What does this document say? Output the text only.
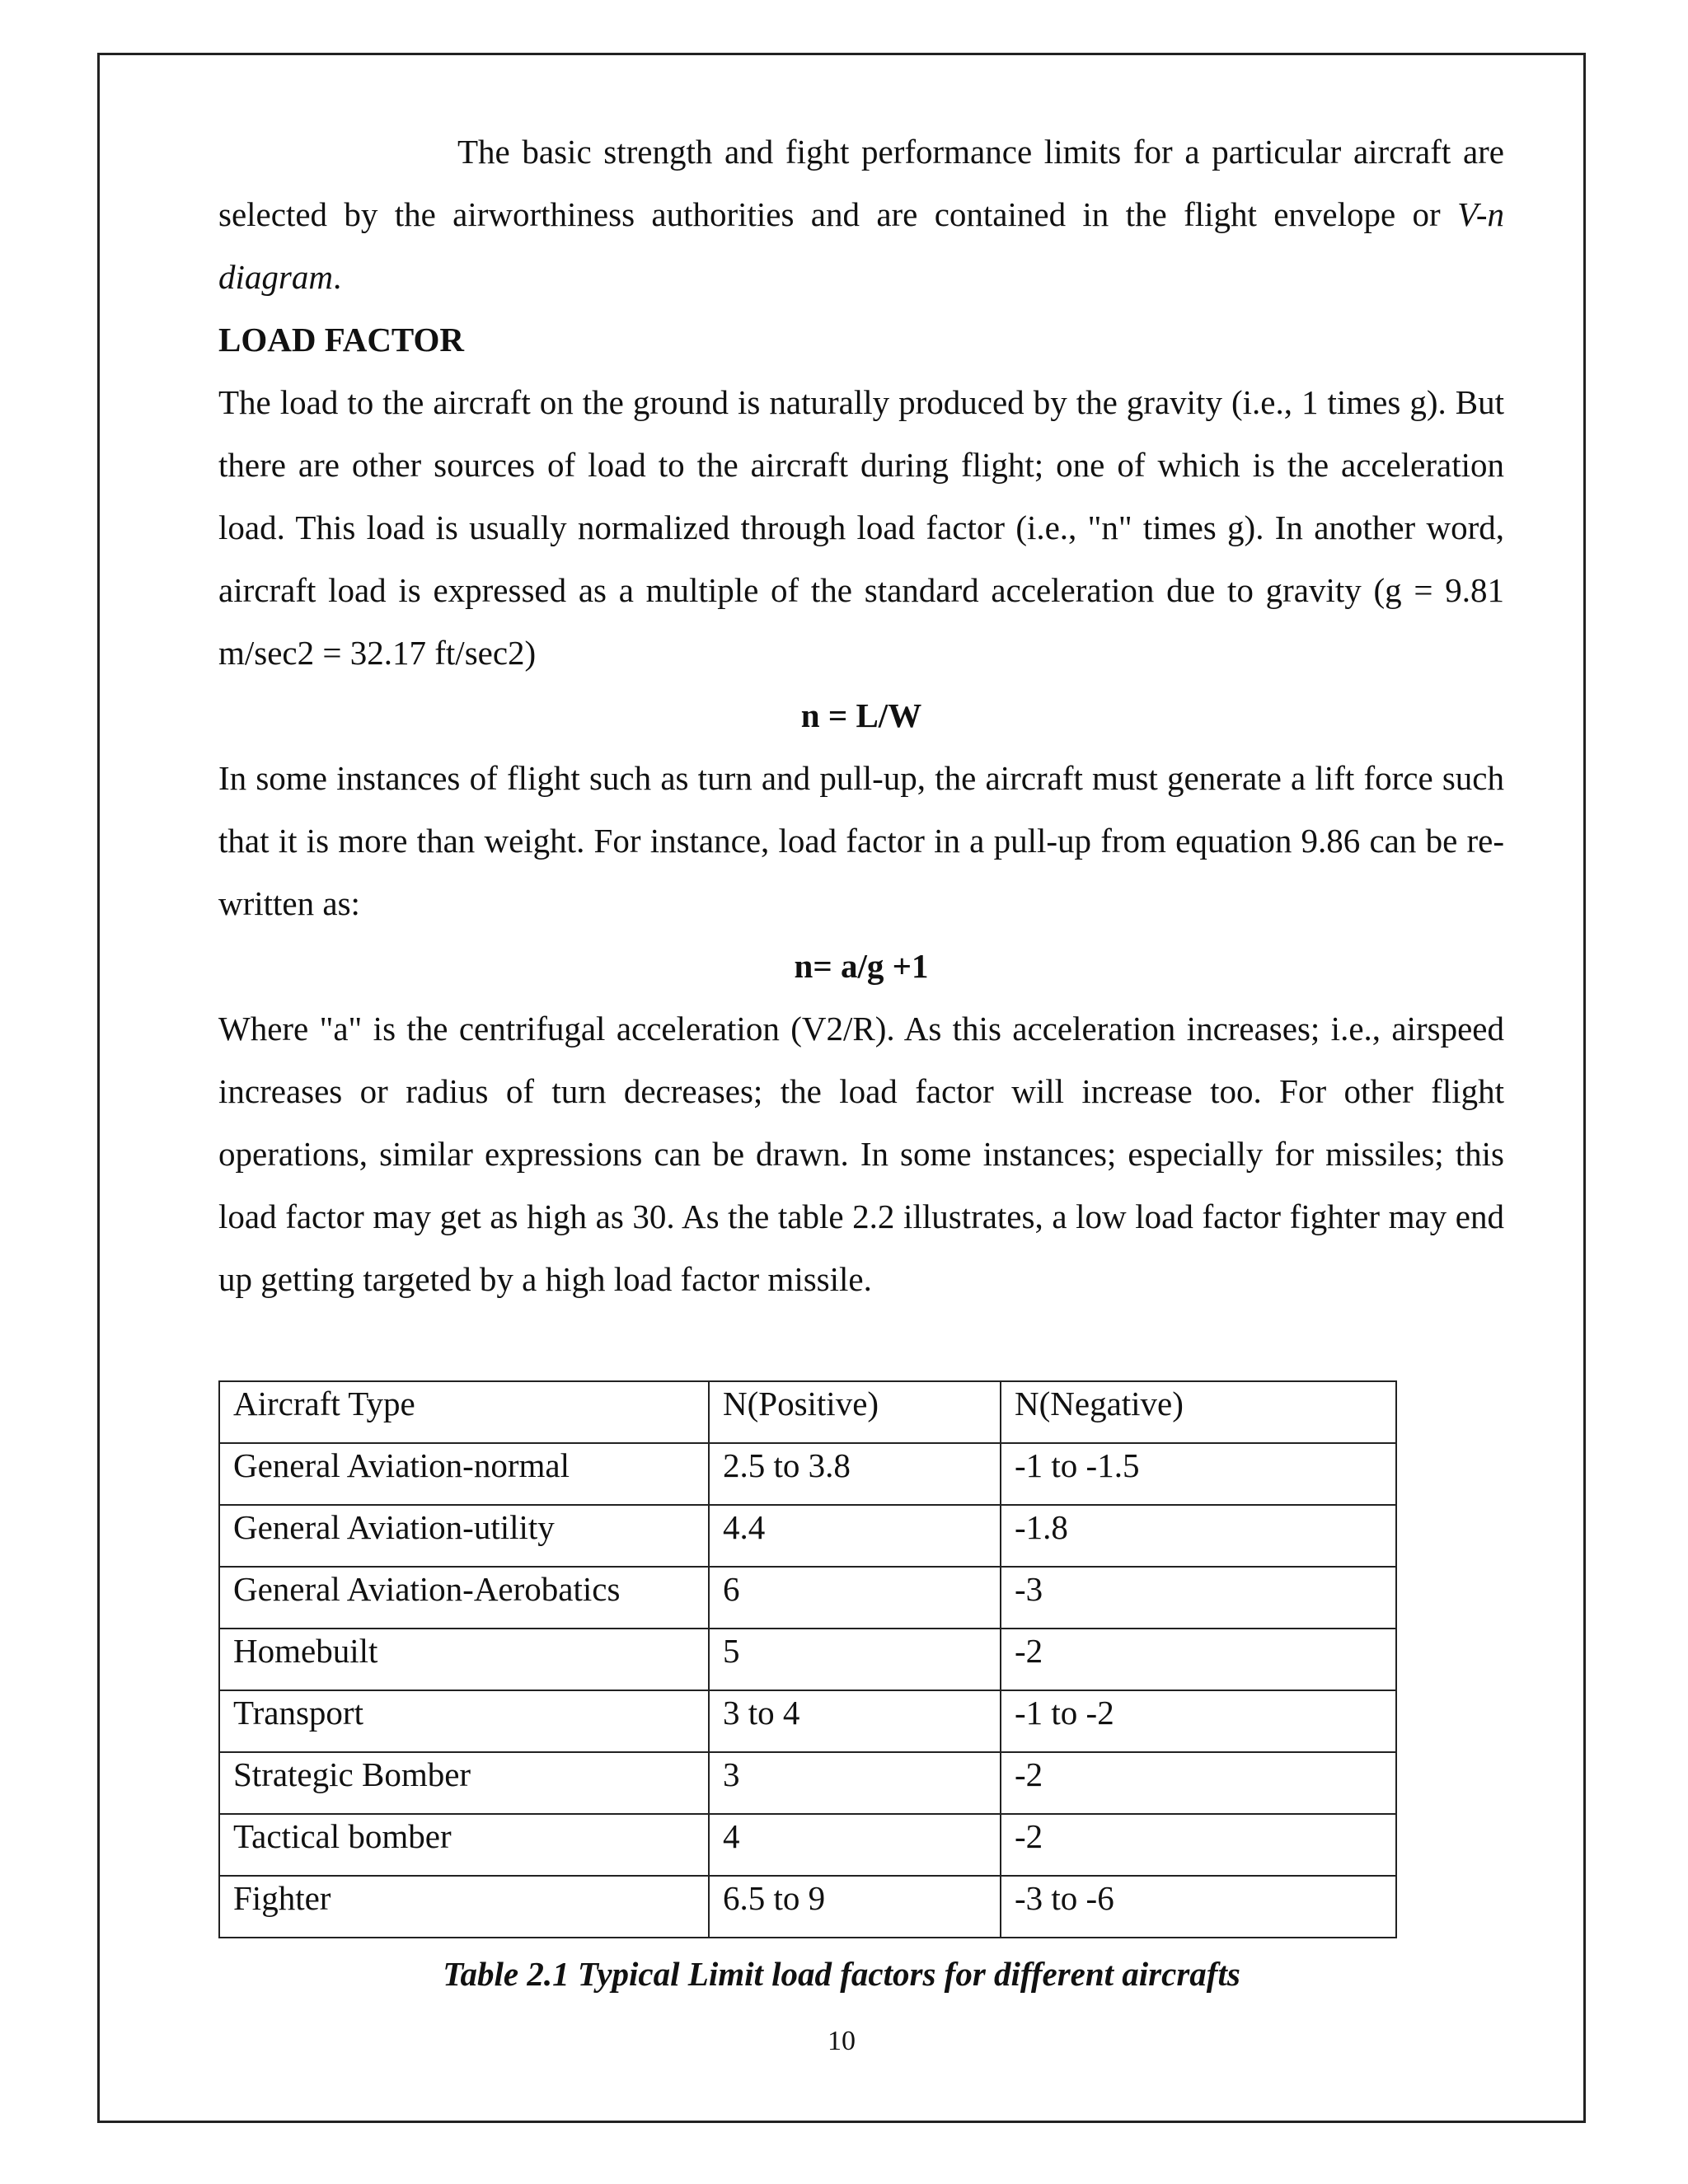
The basic strength and fight performance limits for a particular aircraft are selected by the airworthiness authorities and are contained in the flight envelope or V-n diagram.

LOAD FACTOR

The load to the aircraft on the ground is naturally produced by the gravity (i.e., 1 times g). But there are other sources of load to the aircraft during flight; one of which is the acceleration load. This load is usually normalized through load factor (i.e., "n" times g). In another word, aircraft load is expressed as a multiple of the standard acceleration due to gravity (g = 9.81 m/sec2 = 32.17 ft/sec2)

n = L/W

In some instances of flight such as turn and pull-up, the aircraft must generate a lift force such that it is more than weight. For instance, load factor in a pull-up from equation 9.86 can be re-written as:

n= a/g +1

Where "a" is the centrifugal acceleration (V2/R). As this acceleration increases; i.e., airspeed increases or radius of turn decreases; the load factor will increase too. For other flight operations, similar expressions can be drawn. In some instances; especially for missiles; this load factor may get as high as 30. As the table 2.2 illustrates, a low load factor fighter may end up getting targeted by a high load factor missile.

Aircraft Type	N(Positive)	N(Negative)
General Aviation-normal	2.5 to 3.8	-1 to -1.5
General Aviation-utility	4.4	-1.8
General Aviation-Aerobatics	6	-3
Homebuilt	5	-2
Transport	3 to 4	-1 to -2
Strategic Bomber	3	-2
Tactical bomber	4	-2
Fighter	6.5 to 9	-3 to -6
Table 2.1 Typical Limit load factors for different aircrafts
10
